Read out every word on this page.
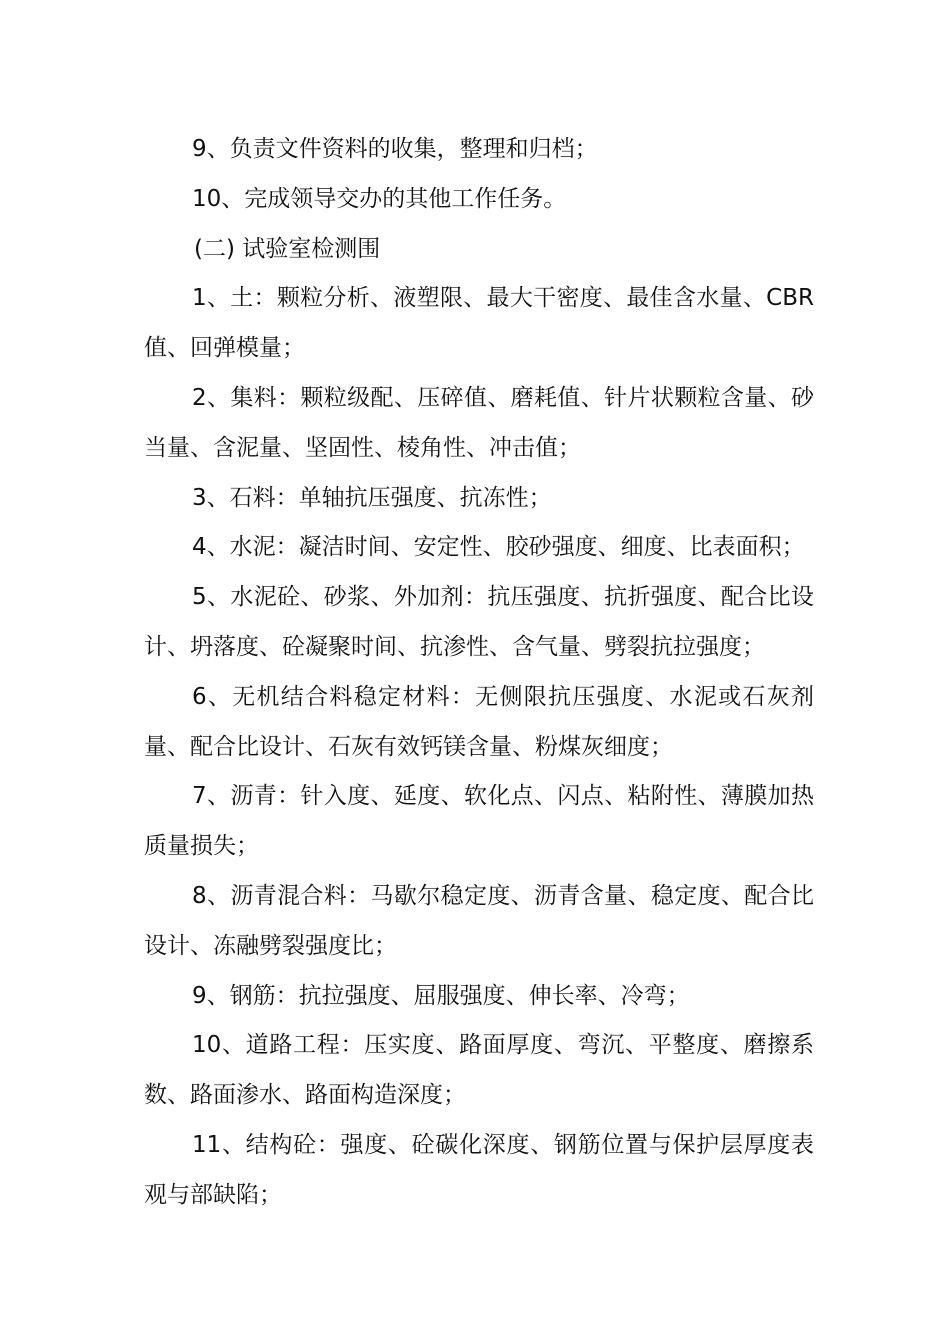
9、负责文件资料的收集，整理和归档；

10、完成领导交办的其他工作任务。

(二) 试验室检测围

1、土：颗粒分析、液塑限、最大干密度、最佳含水量、CBR 值、回弹模量；

2、集料：颗粒级配、压碎值、磨耗值、针片状颗粒含量、砂当量、含泥量、坚固性、棱角性、冲击值；

3、石料：单轴抗压强度、抗冻性；

4、水泥：凝洁时间、安定性、胶砂强度、细度、比表面积；

5、水泥砼、砂浆、外加剂：抗压强度、抗折强度、配合比设计、坍落度、砼凝聚时间、抗渗性、含气量、劈裂抗拉强度；

6、无机结合料稳定材料：无侧限抗压强度、水泥或石灰剂量、配合比设计、石灰有效钙镁含量、粉煤灰细度；

7、沥青：针入度、延度、软化点、闪点、粘附性、薄膜加热质量损失；

8、沥青混合料：马歇尔稳定度、沥青含量、稳定度、配合比设计、冻融劈裂强度比；

9、钢筋：抗拉强度、屈服强度、伸长率、冷弯；

10、道路工程：压实度、路面厚度、弯沉、平整度、磨擦系数、路面渗水、路面构造深度；

11、结构砼：强度、砼碳化深度、钢筋位置与保护层厚度表观与部缺陷；
